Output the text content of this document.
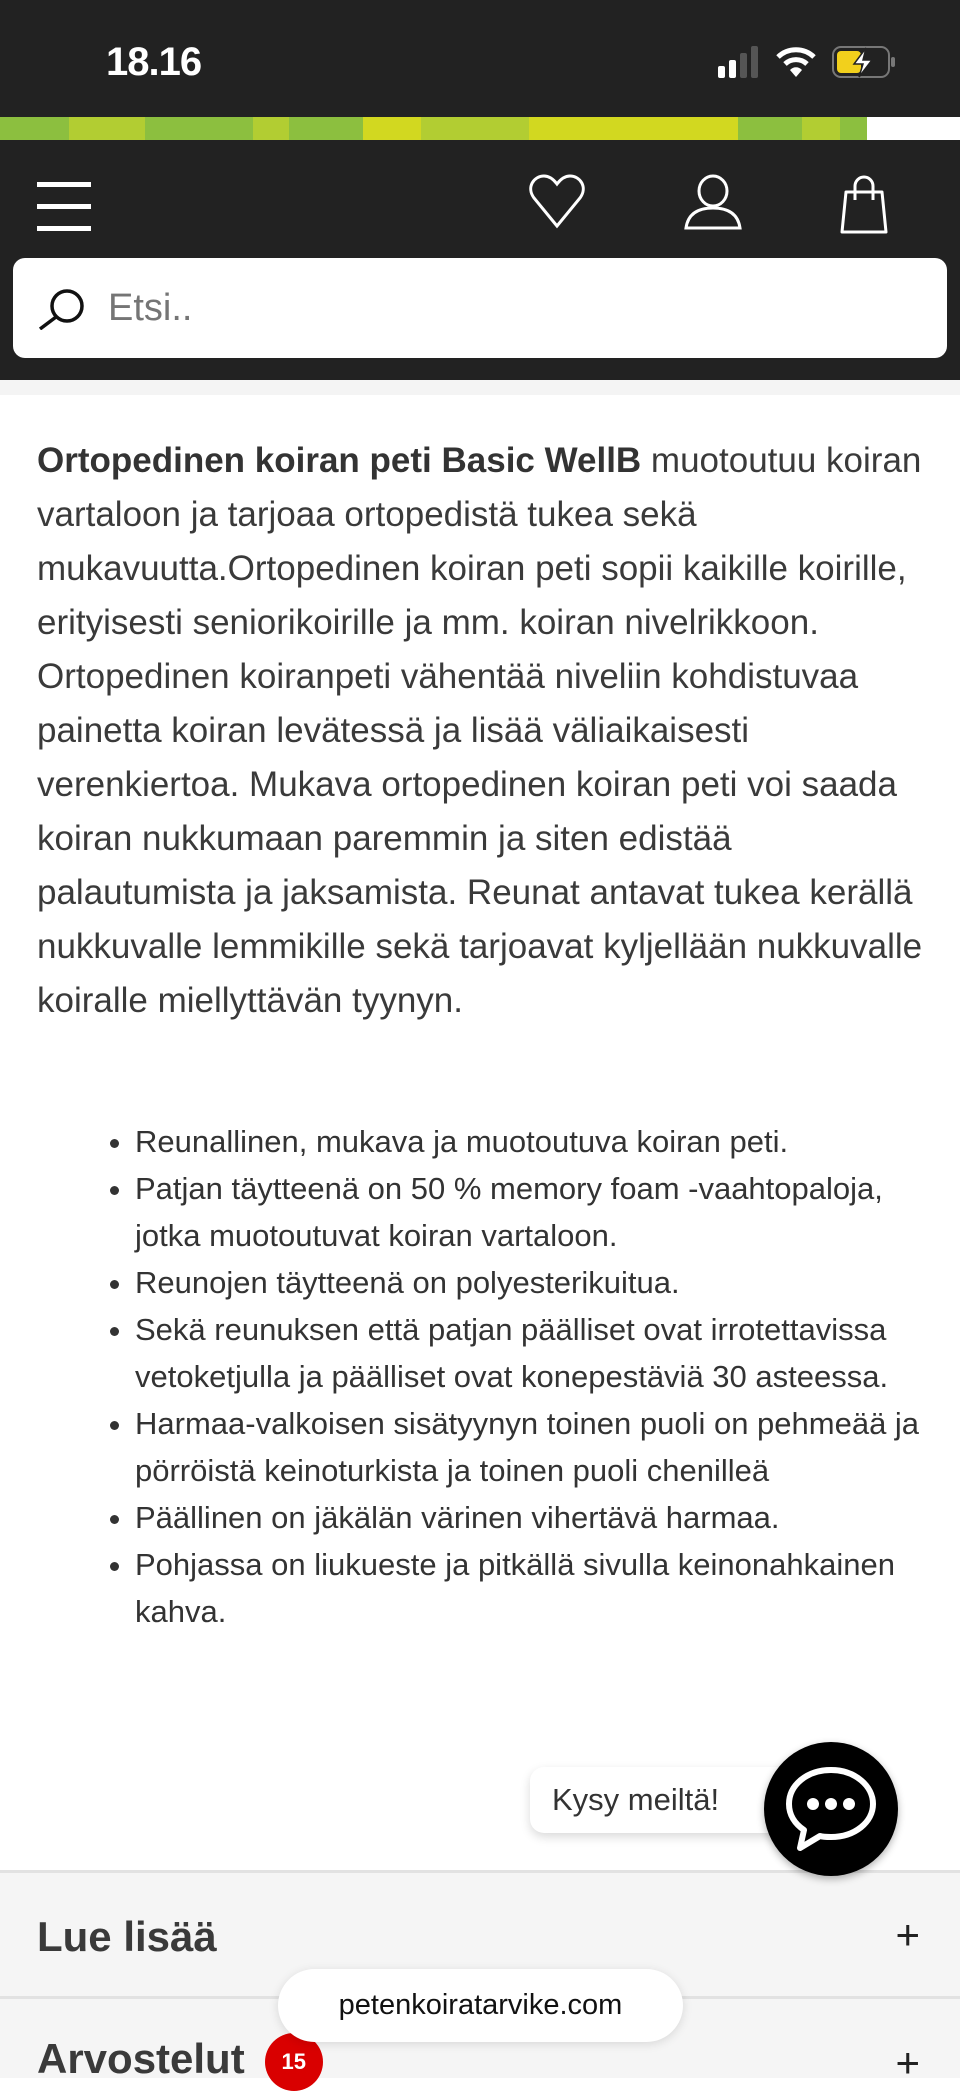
18.16
Etsi..

Ortopedinen koiran peti Basic WellB muotoutuu koiran vartaloon ja tarjoaa ortopedistä tukea sekä mukavuutta.Ortopedinen koiran peti sopii kaikille koirille, erityisesti seniorikoirille ja mm. koiran nivelrikkoon. Ortopedinen koiranpeti vähentää niveliin kohdistuvaa painetta koiran levätessä ja lisää väliaikaisesti verenkiertoa. Mukava ortopedinen koiran peti voi saada koiran nukkumaan paremmin ja siten edistää palautumista ja jaksamista. Reunat antavat tukea kerällä nukkuvalle lemmikille sekä tarjoavat kyljellään nukkuvalle koiralle miellyttävän tyynyn.

• Reunallinen, mukava ja muotoutuva koiran peti.
• Patjan täytteenä on 50 % memory foam -vaahtopaloja, jotka muotoutuvat koiran vartaloon.
• Reunojen täytteenä on polyesterikuitua.
• Sekä reunuksen että patjan päälliset ovat irrotettavissa vetoketjulla ja päälliset ovat konepestäviä 30 asteessa.
• Harmaa-valkoisen sisätyynyn toinen puoli on pehmeää ja pörröistä keinoturkista ja toinen puoli chenilleä
• Päällinen on jäkälän värinen vihertävä harmaa.
• Pohjassa on liukueste ja pitkällä sivulla keinonahkainen kahva.
Lue lisää	+
Arvostelut 15	+
Kysy meiltä!
petenkoiratarvike.com
